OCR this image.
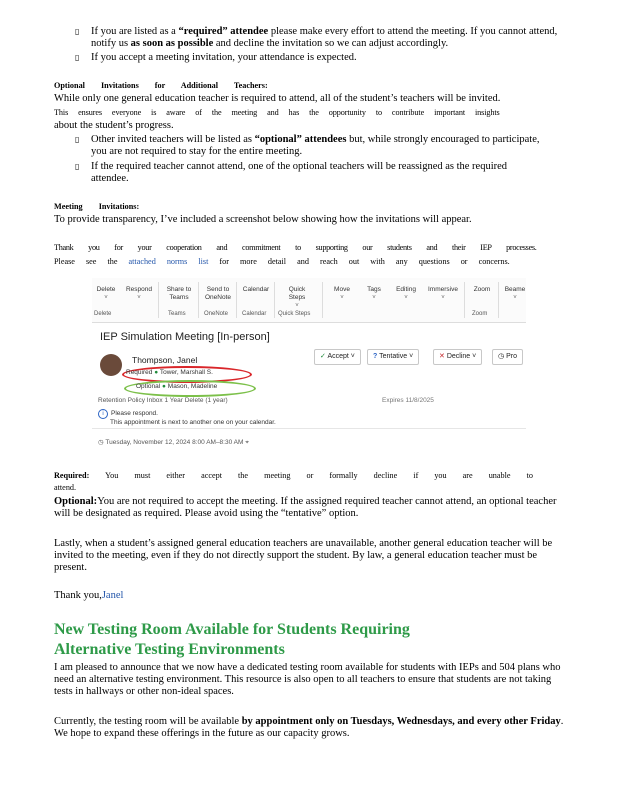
▯	If you are listed as a “required” attendee please make every effort to attend the meeting. If you cannot attend, notify us as soon as possible and decline the invitation so we can adjust accordingly.
▯	If you accept a meeting invitation, your attendance is expected.
Optional Invitations for Additional Teachers:
While only one general education teacher is required to attend, all of the student’s teachers will be invited.
This ensures everyone is aware of the meeting and has the opportunity to contribute important insights
about the student’s progress.
▯	Other invited teachers will be listed as “optional” attendees but, while strongly encouraged to participate, you are not required to stay for the entire meeting.
▯	If the required teacher cannot attend, one of the optional teachers will be reassigned as the required attendee.
Meeting Invitations:
To provide transparency, I’ve included a screenshot below showing how the invitations will appear.
Thank you for your cooperation and commitment to supporting our students and their IEP processes.
Please see the attached norms list for more detail and reach out with any questions or concerns.
Delete
˅
Respond
˅
Share to Teams
Send to OneNote
Calendar	Quick Steps
˅
Move
˅
Tags
˅
Editing
˅
Immersive
˅
Zoom	Beame
˅
Delete	Teams	OneNote Calendar Quick Steps	Zoom
IEP Simulation Meeting [In-person]
Thompson, Janel	✓ Accept ˅	? Tentative ˅	✕ Decline ˅	◷ Pro
Required ● Tower, Marshall S.
Optional ● Mason, Madeline
Retention Policy Inbox 1 Year Delete (1 year)	Expires 11/8/2025
i Please respond.
This appointment is next to another one on your calendar.
◷ Tuesday, November 12, 2024 8:00 AM–8:30 AM ⌖
Required: You must either accept the meeting or formally decline if you are unable to attend.
Optional:You are not required to accept the meeting. If the assigned required teacher cannot attend, an optional teacher will be designated as required. Please avoid using the “tentative” option.
Lastly, when a student’s assigned general education teachers are unavailable, another general education teacher will be invited to the meeting, even if they do not directly support the student. By law, a general education teacher must be present.
Thank you,Janel
New Testing Room Available for Students Requiring
Alternative Testing Environments
I am pleased to announce that we now have a dedicated testing room available for students with IEPs and 504 plans who need an alternative testing environment. This resource is also open to all teachers to ensure that students are not taking tests in hallways or other non-ideal spaces.
Currently, the testing room will be available by appointment only on Tuesdays, Wednesdays, and every other Friday. We hope to expand these offerings in the future as our capacity grows.
